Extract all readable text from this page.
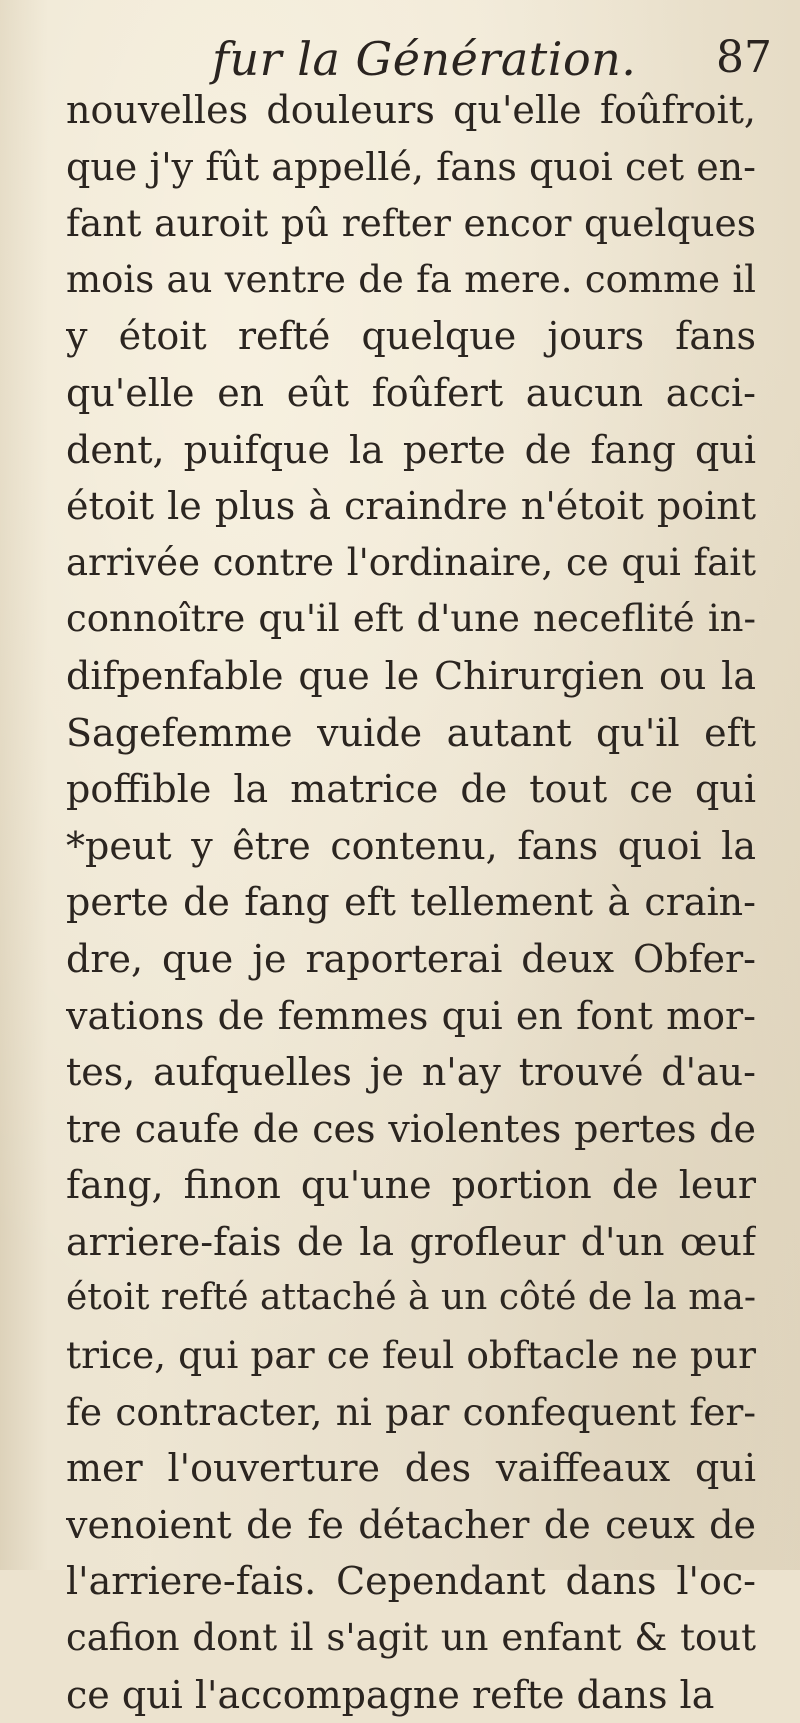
fur la Génération. 87
nouvelles douleurs qu'elle foûfroit,
que j'y fût appellé, fans quoi cet en-
fant auroit pû refter encor quelques
mois au ventre de fa mere. comme il
y étoit refté quelque jours fans
qu'elle en eût foûfert aucun acci-
dent, puifque la perte de fang qui
étoit le plus à craindre n'étoit point
arrivée contre l'ordinaire, ce qui fait
connoître qu'il eft d'une neceflité in-
difpenfable que le Chirurgien ou la
Sagefemme vuide autant qu'il eft
poffible la matrice de tout ce qui
*peut y être contenu, fans quoi la
perte de fang eft tellement à crain-
dre, que je raporterai deux Obfer-
vations de femmes qui en font mor-
tes, aufquelles je n'ay trouvé d'au-
tre caufe de ces violentes pertes de
fang, finon qu'une portion de leur
arriere-fais de la grofleur d'un œuf
étoit refté attaché à un côté de la ma-
trice, qui par ce feul obftacle ne pur
fe contracter, ni par confequent fer-
mer l'ouverture des vaiffeaux qui
venoient de fe détacher de ceux de
l'arriere-fais. Cependant dans l'oc-
cafion dont il s'agit un enfant & tout
ce qui l'accompagne refte dans la
